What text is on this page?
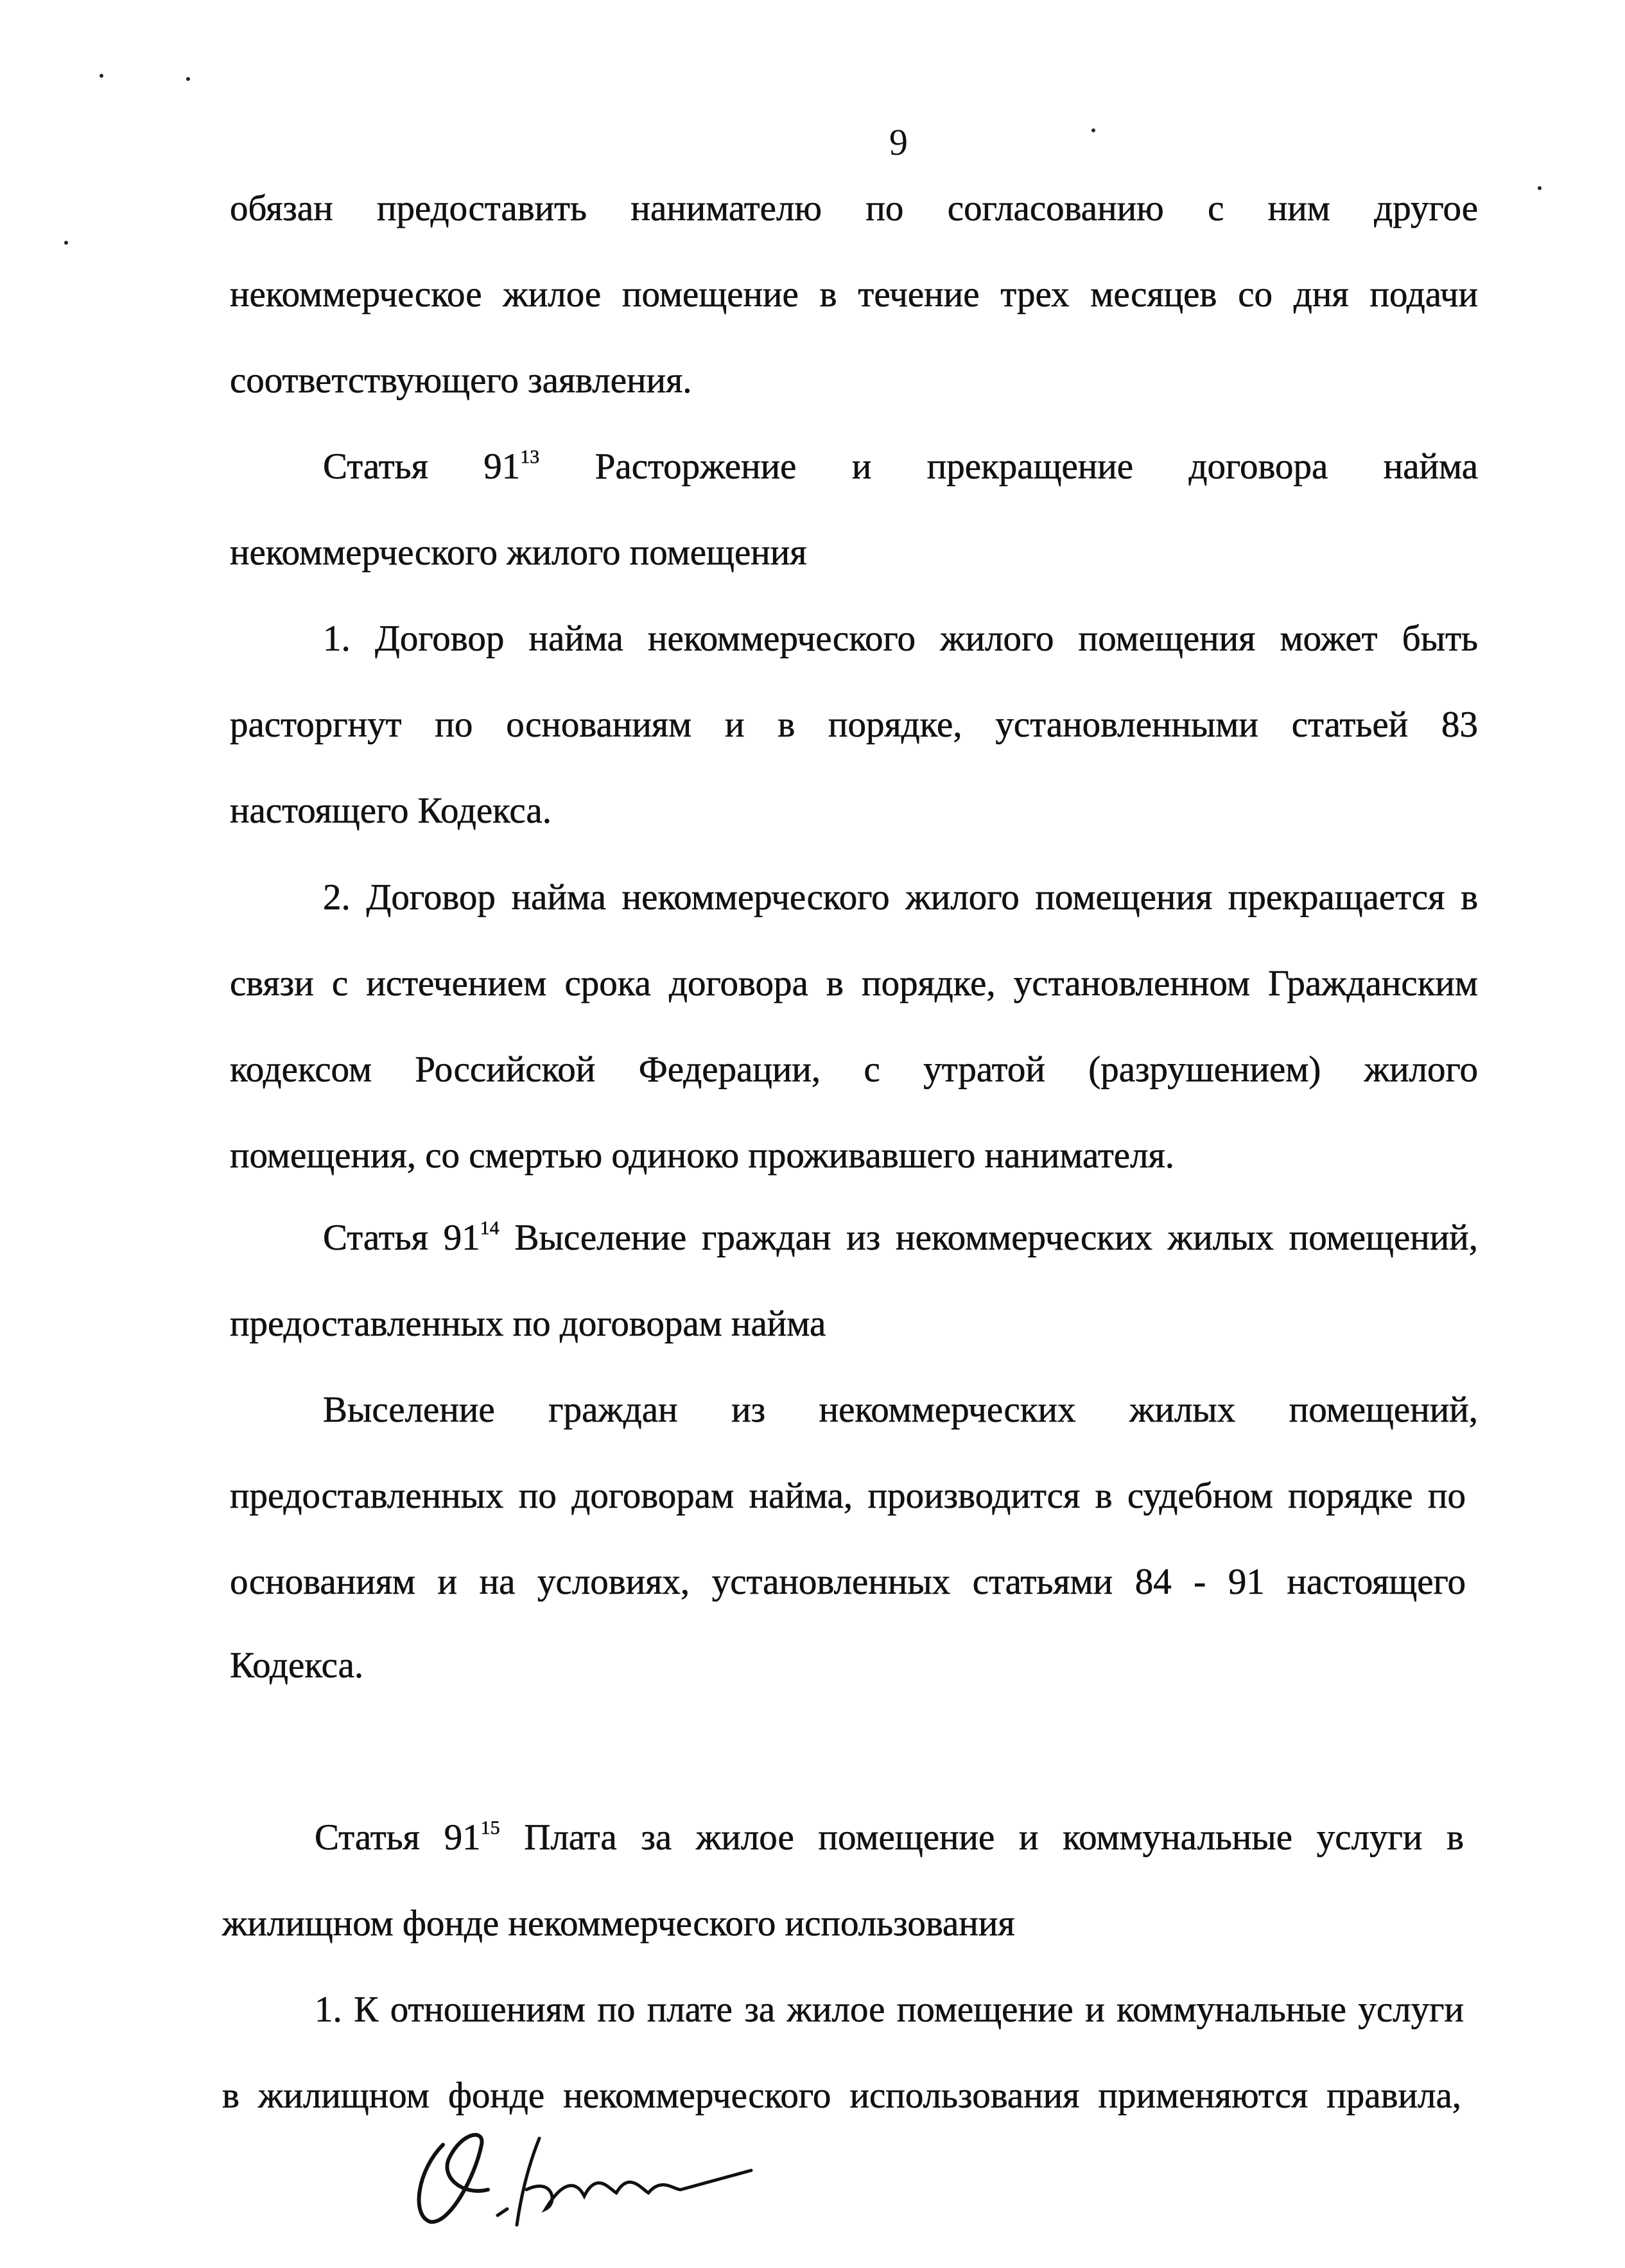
9
обязан предоставить нанимателю по согласованию с ним другое
некоммерческое жилое помещение в течение трех месяцев со дня подачи
соответствующего заявления.
Статья $91^{13}$ Расторжение и прекращение договора найма
некоммерческого жилого помещения
1. Договор найма некоммерческого жилого помещения может быть
расторгнут по основаниям и в порядке, установленными статьей 83
настоящего Кодекса.
2. Договор найма некоммерческого жилого помещения прекращается в
связи с истечением срока договора в порядке, установленном Гражданским
кодексом Российской Федерации, с утратой (разрушением) жилого
помещения, со смертью одиноко проживавшего нанимателя.
Статья $91^{14}$ Выселение граждан из некоммерческих жилых помещений,
предоставленных по договорам найма
Выселение граждан из некоммерческих жилых помещений,
предоставленных по договорам найма, производится в судебном порядке по
основаниям и на условиях, установленных статьями 84 - 91 настоящего
Кодекса.
Статья $91^{15}$ Плата за жилое помещение и коммунальные услуги в
жилищном фонде некоммерческого использования
1. К отношениям по плате за жилое помещение и коммунальные услуги
в жилищном фонде некоммерческого использования применяются правила,
